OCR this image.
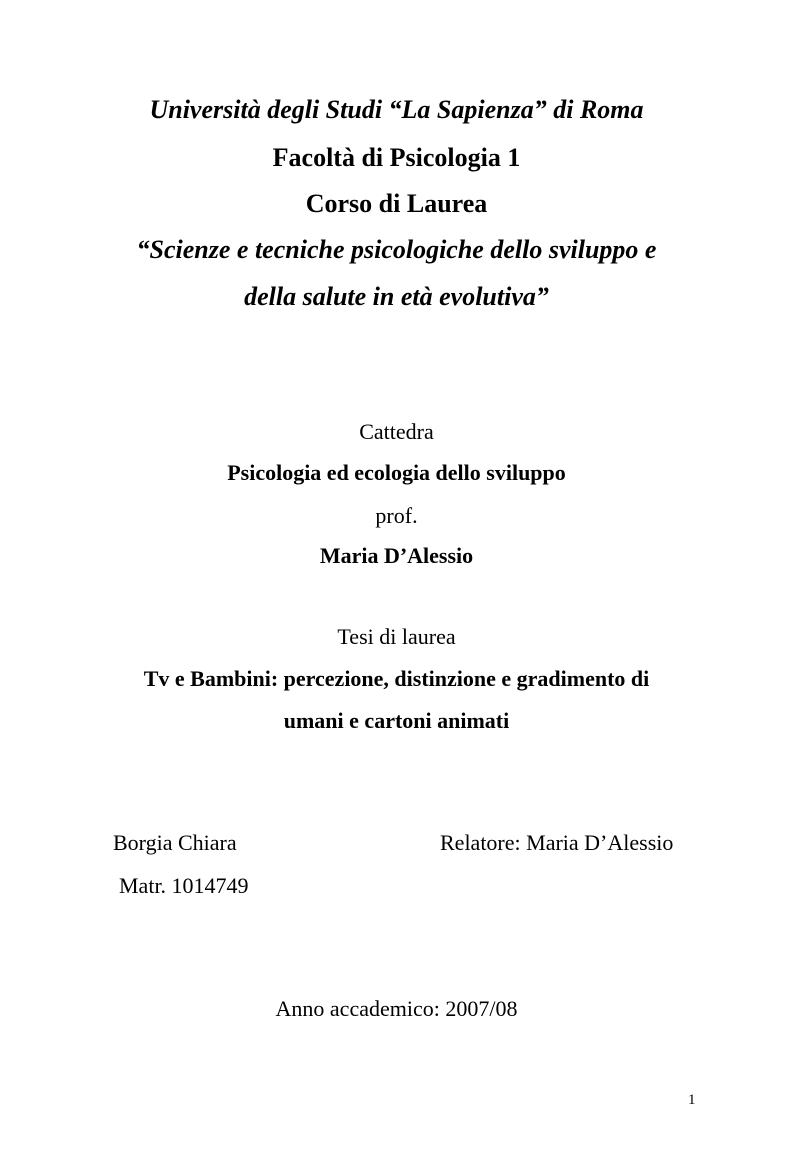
Università degli Studi “La Sapienza” di Roma
Facoltà di Psicologia 1
Corso di Laurea
“Scienze e tecniche psicologiche dello sviluppo e
della salute in età evolutiva”
Cattedra
Psicologia ed ecologia dello sviluppo
prof.
Maria D’Alessio
Tesi di laurea
Tv e Bambini: percezione, distinzione e gradimento di
umani e cartoni animati
Borgia Chiara	Relatore: Maria D’Alessio
Matr. 1014749
Anno accademico: 2007/08
1
